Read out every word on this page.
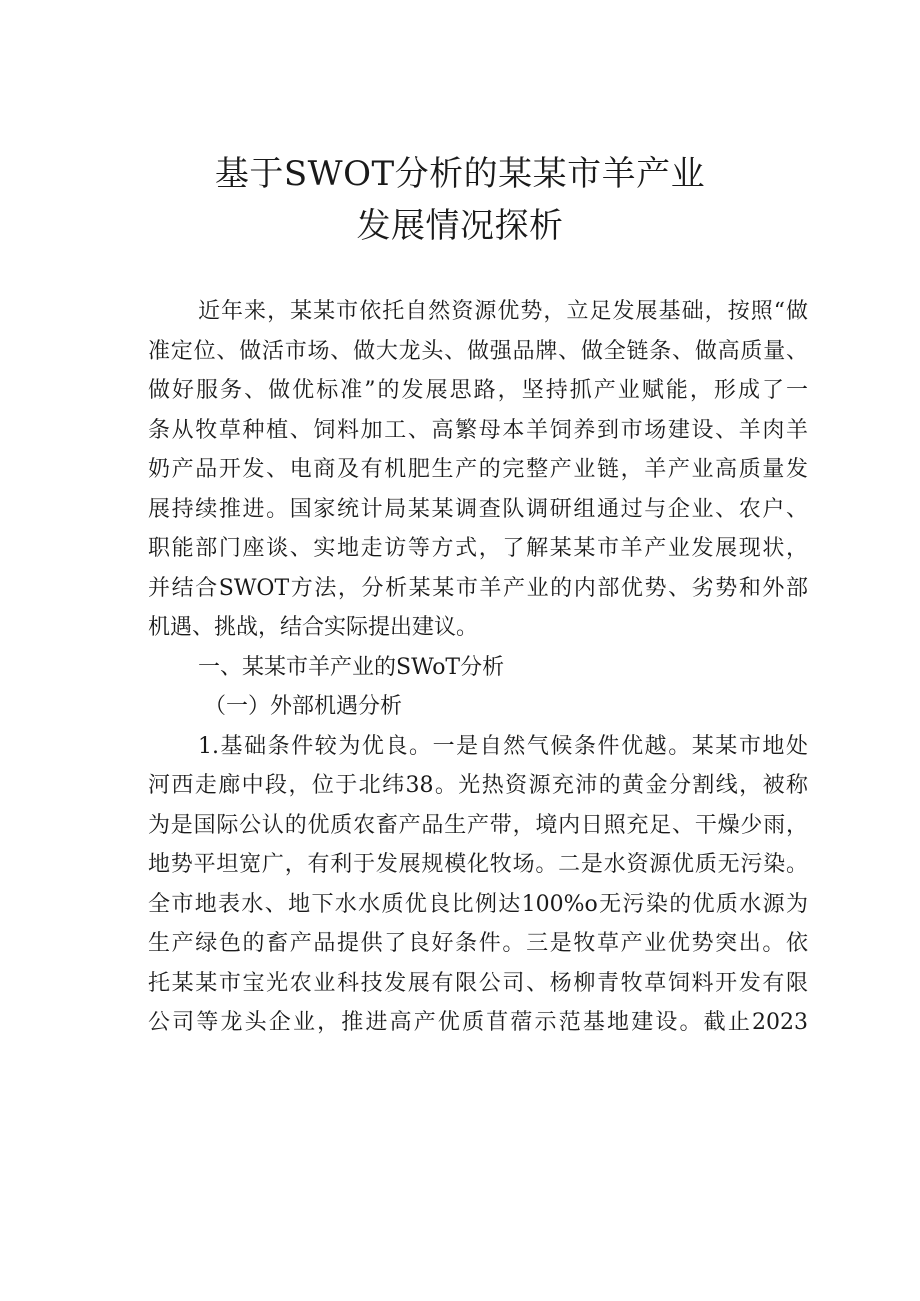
基于SWOT分析的某某市羊产业
发展情况探析
近年来，某某市依托自然资源优势，立足发展基础，按照“做
准定位、做活市场、做大龙头、做强品牌、做全链条、做高质量、
做好服务、做优标准”的发展思路，坚持抓产业赋能，形成了一
条从牧草种植、饲料加工、高繁母本羊饲养到市场建设、羊肉羊
奶产品开发、电商及有机肥生产的完整产业链，羊产业高质量发
展持续推进。国家统计局某某调查队调研组通过与企业、农户、
职能部门座谈、实地走访等方式，了解某某市羊产业发展现状，
并结合SWOT方法，分析某某市羊产业的内部优势、劣势和外部
机遇、挑战，结合实际提出建议。
一、某某市羊产业的SWoT分析
（一）外部机遇分析
1.基础条件较为优良。一是自然气候条件优越。某某市地处
河西走廊中段，位于北纬38。光热资源充沛的黄金分割线，被称
为是国际公认的优质农畜产品生产带，境内日照充足、干燥少雨，
地势平坦宽广，有利于发展规模化牧场。二是水资源优质无污染。
全市地表水、地下水水质优良比例达100%o无污染的优质水源为
生产绿色的畜产品提供了良好条件。三是牧草产业优势突出。依
托某某市宝光农业科技发展有限公司、杨柳青牧草饲料开发有限
公司等龙头企业，推进高产优质苜蓿示范基地建设。截止2023
